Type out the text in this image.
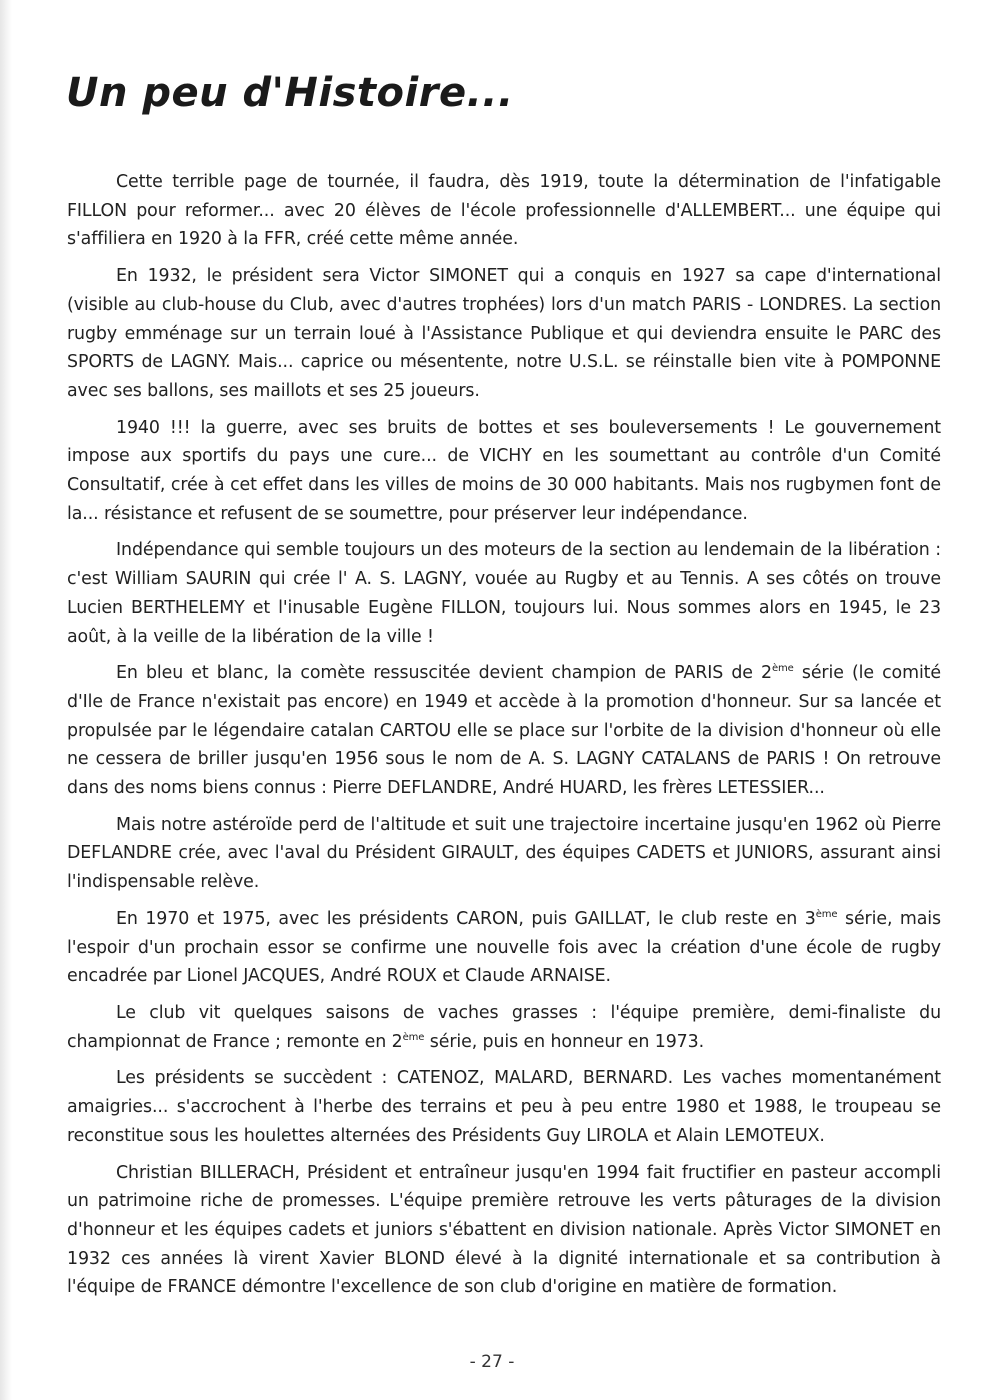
Un peu d'Histoire...

Cette terrible page de tournée, il faudra, dès 1919, toute la détermination de l'infatigable FILLON pour reformer... avec 20 élèves de l'école professionnelle d'ALLEMBERT... une équipe qui s'affiliera en 1920 à la FFR, créé cette même année.

En 1932, le président sera Victor SIMONET qui a conquis en 1927 sa cape d'international (visible au club-house du Club, avec d'autres trophées) lors d'un match PARIS - LONDRES. La section rugby emménage sur un terrain loué à l'Assistance Publique et qui deviendra ensuite le PARC des SPORTS de LAGNY. Mais... caprice ou mésentente, notre U.S.L. se réinstalle bien vite à POMPONNE avec ses ballons, ses maillots et ses 25 joueurs.

1940 !!! la guerre, avec ses bruits de bottes et ses bouleversements ! Le gouvernement impose aux sportifs du pays une cure... de VICHY en les soumettant au contrôle d'un Comité Consultatif, crée à cet effet dans les villes de moins de 30 000 habitants. Mais nos rugbymen font de la... résistance et refusent de se soumettre, pour préserver leur indépendance.

Indépendance qui semble toujours un des moteurs de la section au lendemain de la libération : c'est William SAURIN qui crée l' A. S. LAGNY, vouée au Rugby et au Tennis. A ses côtés on trouve Lucien BERTHELEMY et l'inusable Eugène FILLON, toujours lui. Nous sommes alors en 1945, le 23 août, à la veille de la libération de la ville !

En bleu et blanc, la comète ressuscitée devient champion de PARIS de 2ème série (le comité d'Ile de France n'existait pas encore) en 1949 et accède à la promotion d'honneur. Sur sa lancée et propulsée par le légendaire catalan CARTOU elle se place sur l'orbite de la division d'honneur où elle ne cessera de briller jusqu'en 1956 sous le nom de A. S. LAGNY CATALANS de PARIS ! On retrouve dans des noms biens connus : Pierre DEFLANDRE, André HUARD, les frères LETESSIER...

Mais notre astéroïde perd de l'altitude et suit une trajectoire incertaine jusqu'en 1962 où Pierre DEFLANDRE crée, avec l'aval du Président GIRAULT, des équipes CADETS et JUNIORS, assurant ainsi l'indispensable relève.

En 1970 et 1975, avec les présidents CARON, puis GAILLAT, le club reste en 3ème série, mais l'espoir d'un prochain essor se confirme une nouvelle fois avec la création d'une école de rugby encadrée par Lionel JACQUES, André ROUX et Claude ARNAISE.

Le club vit quelques saisons de vaches grasses : l'équipe première, demi-finaliste du championnat de France ; remonte en 2ème série, puis en honneur en 1973.

Les présidents se succèdent : CATENOZ, MALARD, BERNARD. Les vaches momentanément amaigries... s'accrochent à l'herbe des terrains et peu à peu entre 1980 et 1988, le troupeau se reconstitue sous les houlettes alternées des Présidents Guy LIROLA et Alain LEMOTEUX.

Christian BILLERACH, Président et entraîneur jusqu'en 1994 fait fructifier en pasteur accompli un patrimoine riche de promesses. L'équipe première retrouve les verts pâturages de la division d'honneur et les équipes cadets et juniors s'ébattent en division nationale. Après Victor SIMONET en 1932 ces années là virent Xavier BLOND élevé à la dignité internationale et sa contribution à l'équipe de FRANCE démontre l'excellence de son club d'origine en matière de formation.

- 27 -
